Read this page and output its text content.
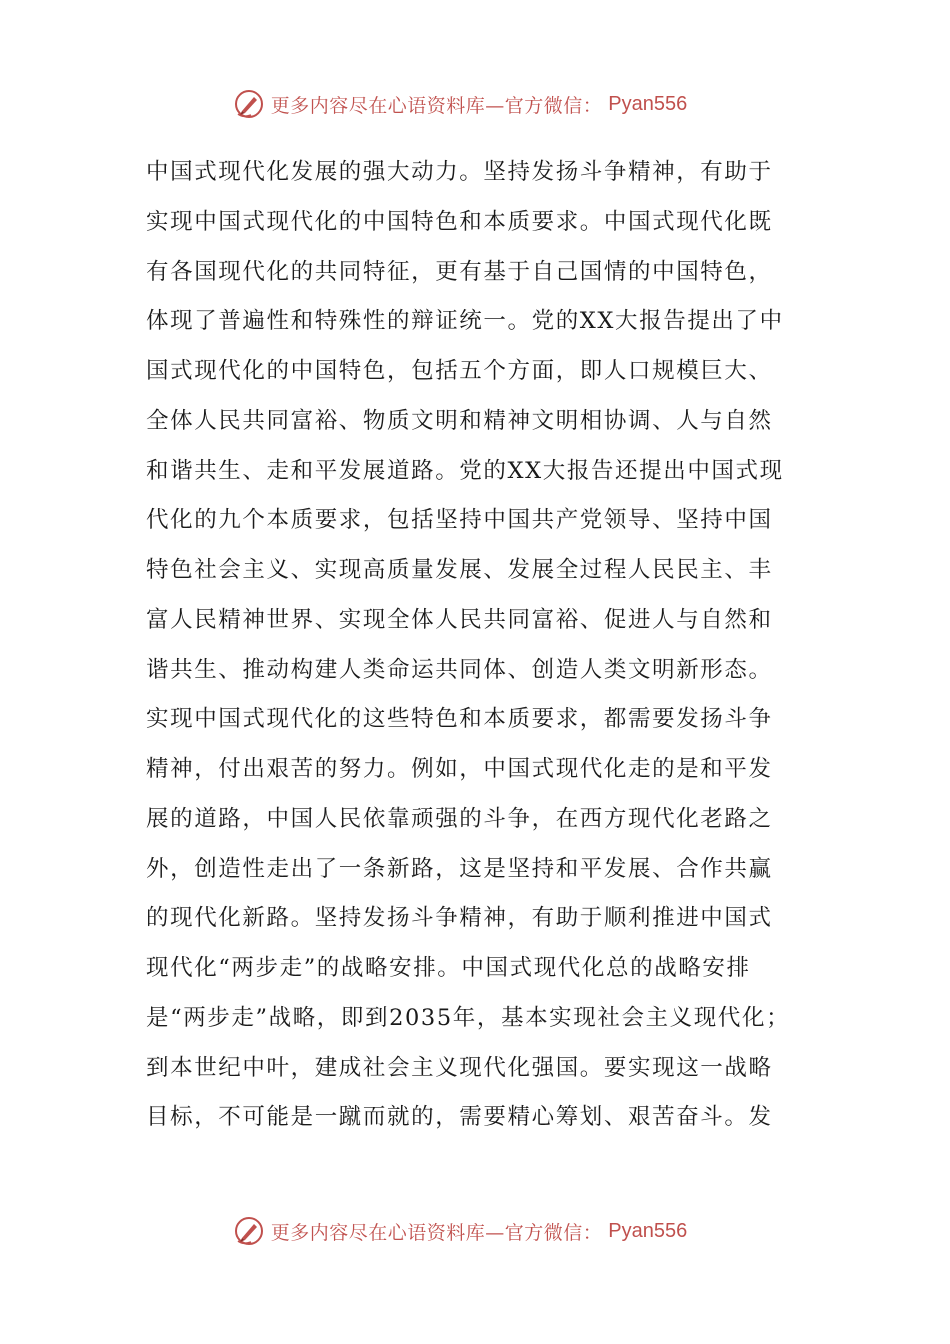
更多内容尽在心语资料库—官方微信： Pyan556
中国式现代化发展的强大动力。坚持发扬斗争精神，有助于
实现中国式现代化的中国特色和本质要求。中国式现代化既
有各国现代化的共同特征，更有基于自己国情的中国特色，
体现了普遍性和特殊性的辩证统一。党的XX大报告提出了中
国式现代化的中国特色，包括五个方面，即人口规模巨大、
全体人民共同富裕、物质文明和精神文明相协调、人与自然
和谐共生、走和平发展道路。党的XX大报告还提出中国式现
代化的九个本质要求，包括坚持中国共产党领导、坚持中国
特色社会主义、实现高质量发展、发展全过程人民民主、丰
富人民精神世界、实现全体人民共同富裕、促进人与自然和
谐共生、推动构建人类命运共同体、创造人类文明新形态。
实现中国式现代化的这些特色和本质要求，都需要发扬斗争
精神，付出艰苦的努力。例如，中国式现代化走的是和平发
展的道路，中国人民依靠顽强的斗争，在西方现代化老路之
外，创造性走出了一条新路，这是坚持和平发展、合作共赢
的现代化新路。坚持发扬斗争精神，有助于顺利推进中国式
现代化“两步走”的战略安排。中国式现代化总的战略安排
是“两步走”战略，即到2035年，基本实现社会主义现代化；
到本世纪中叶，建成社会主义现代化强国。要实现这一战略
目标，不可能是一蹴而就的，需要精心筹划、艰苦奋斗。发
更多内容尽在心语资料库—官方微信： Pyan556
